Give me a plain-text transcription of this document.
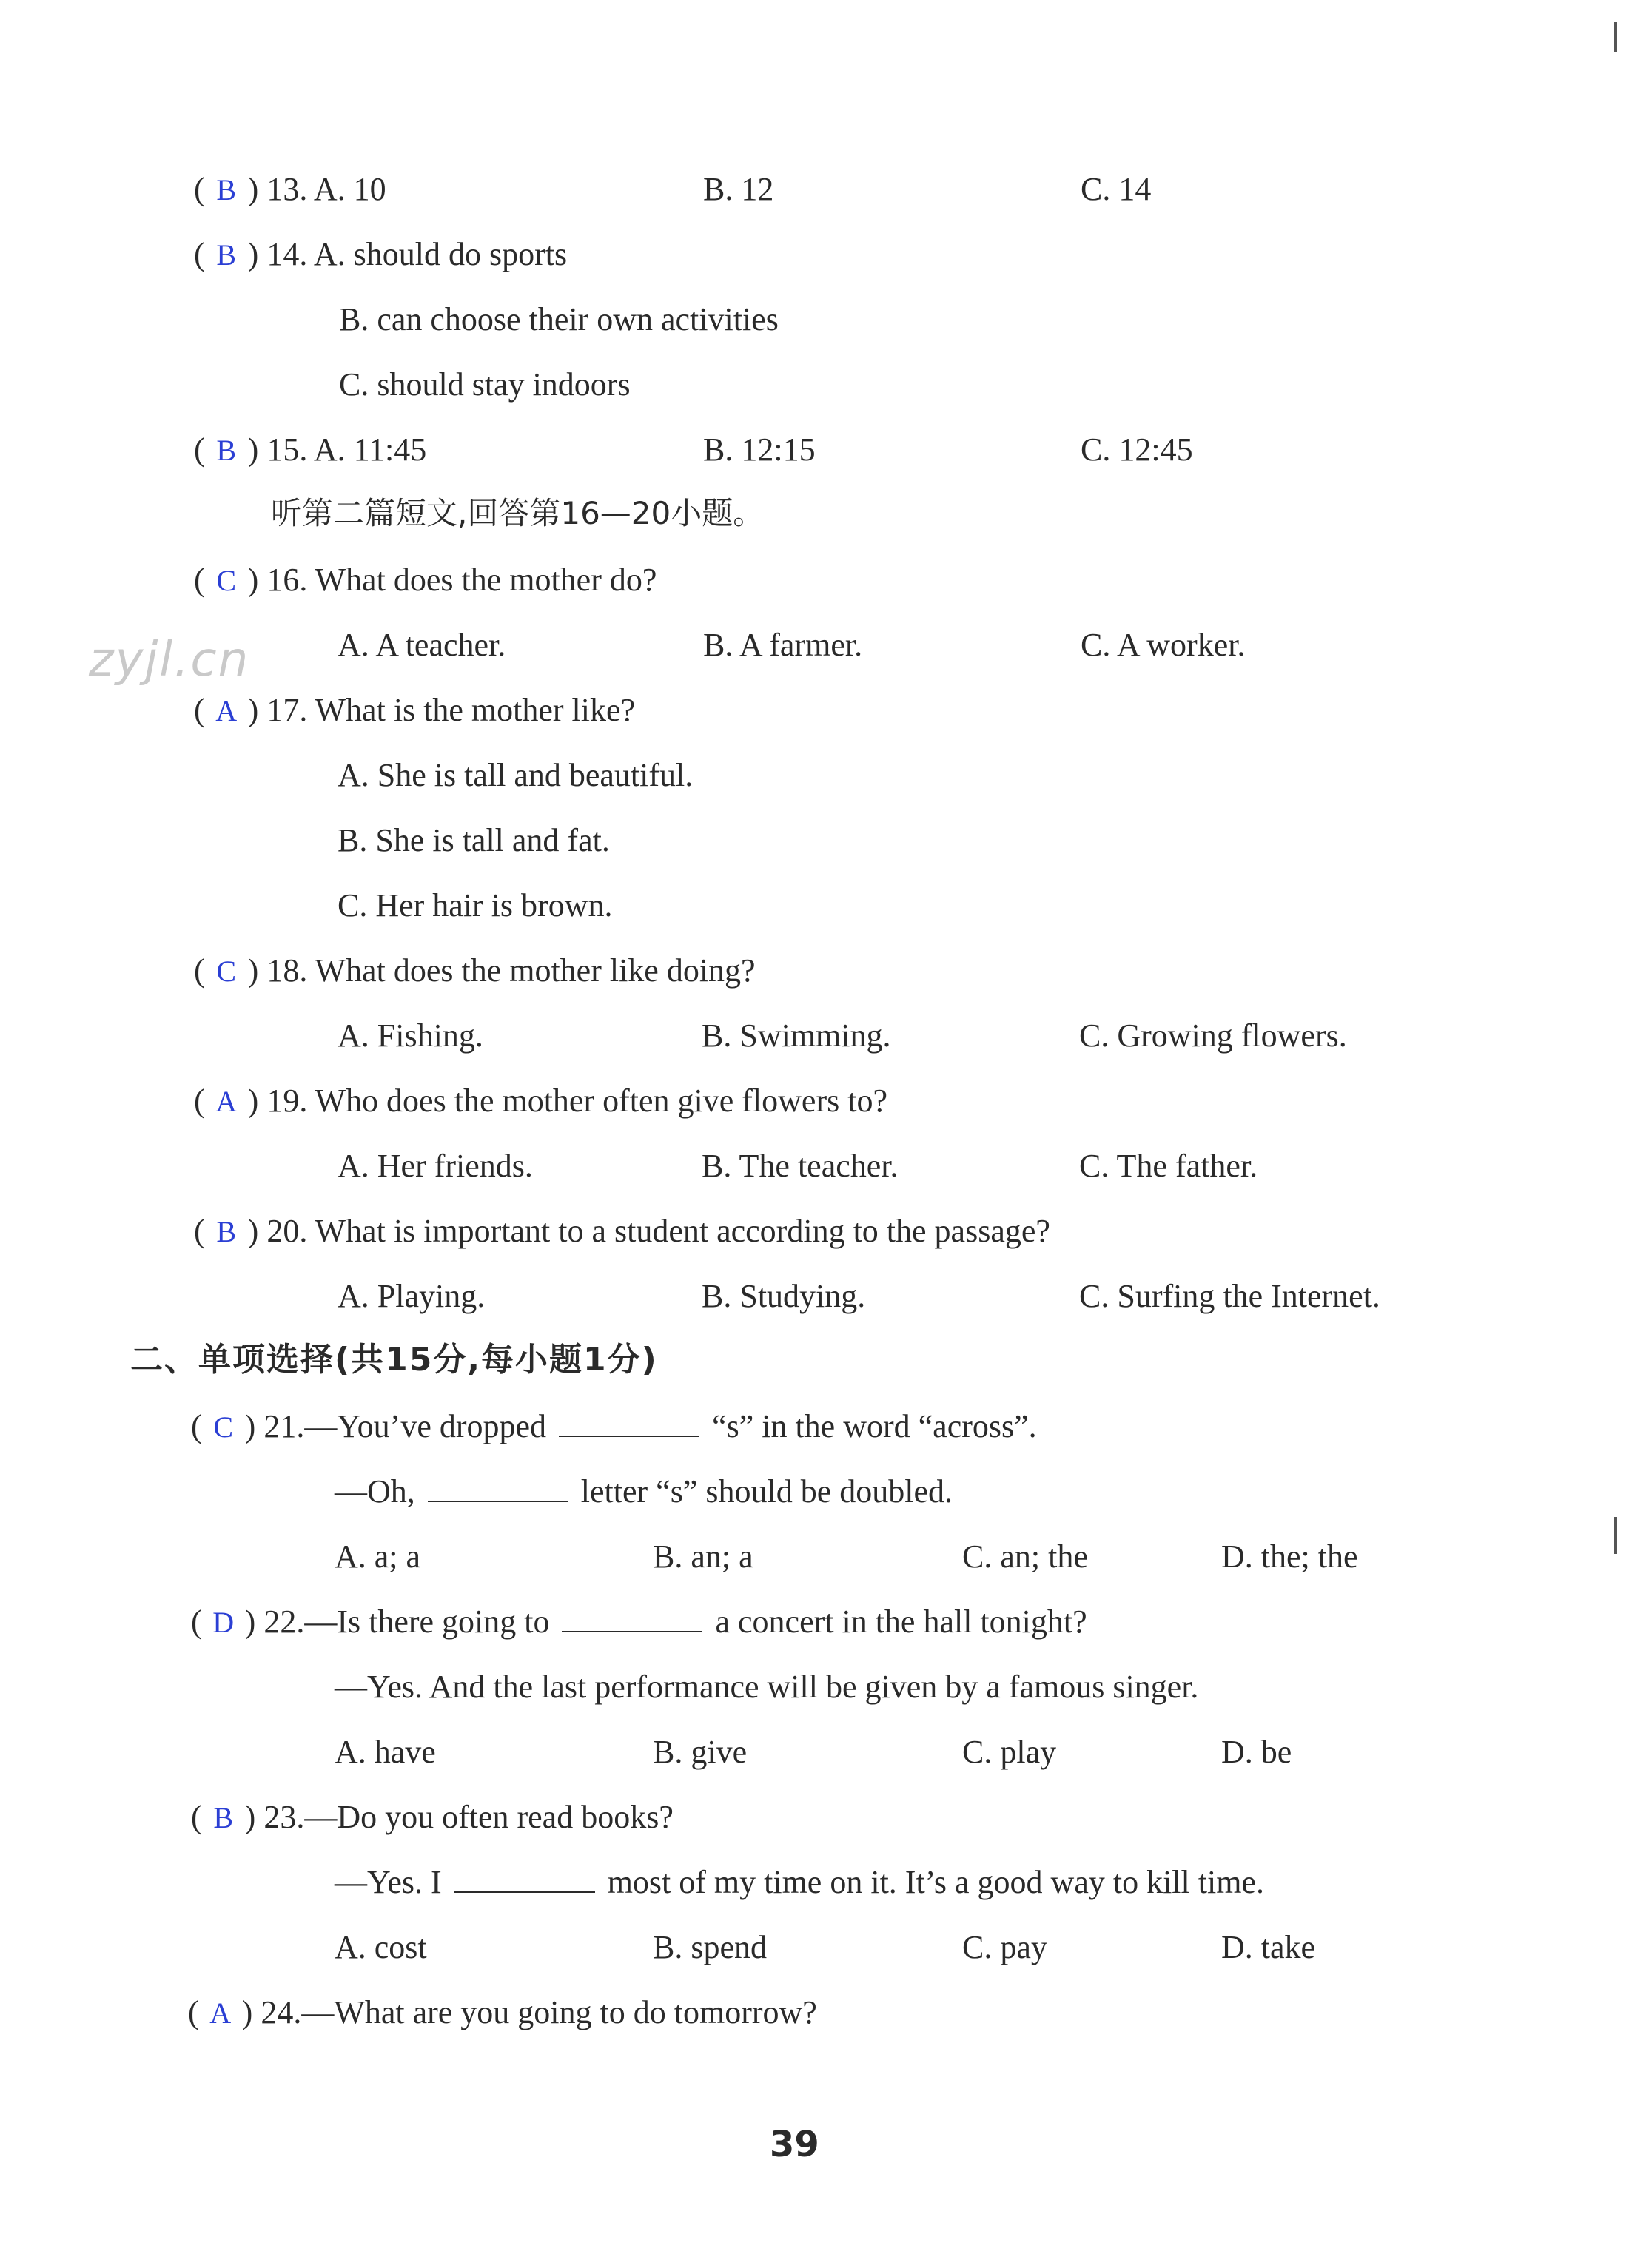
zyjl.cn
( B ) 13. A. 10	B. 12	C. 14
( B ) 14. A. should do sports
B. can choose their own activities
C. should stay indoors
( B ) 15. A. 11:45	B. 12:15	C. 12:45
听第二篇短文,回答第16—20小题。
( C ) 16. What does the mother do?
A. A teacher.	B. A farmer.	C. A worker.
( A ) 17. What is the mother like?
A. She is tall and beautiful.
B. She is tall and fat.
C. Her hair is brown.
( C ) 18. What does the mother like doing?
A. Fishing.	B. Swimming.	C. Growing flowers.
( A ) 19. Who does the mother often give flowers to?
A. Her friends.	B. The teacher.	C. The father.
( B ) 20. What is important to a student according to the passage?
A. Playing.	B. Studying.	C. Surfing the Internet.
二、单项选择(共15分,每小题1分)
( C ) 21.—You’ve dropped	“s” in the word “across”.
—Oh,	letter “s” should be doubled.
A. a; a	B. an; a	C. an; the	D. the; the
( D ) 22.—Is there going to	a concert in the hall tonight?
—Yes. And the last performance will be given by a famous singer.
A. have	B. give	C. play	D. be
( B ) 23.—Do you often read books?
—Yes. I	most of my time on it. It’s a good way to kill time.
A. cost	B. spend	C. pay	D. take
( A ) 24.—What are you going to do tomorrow?
39
